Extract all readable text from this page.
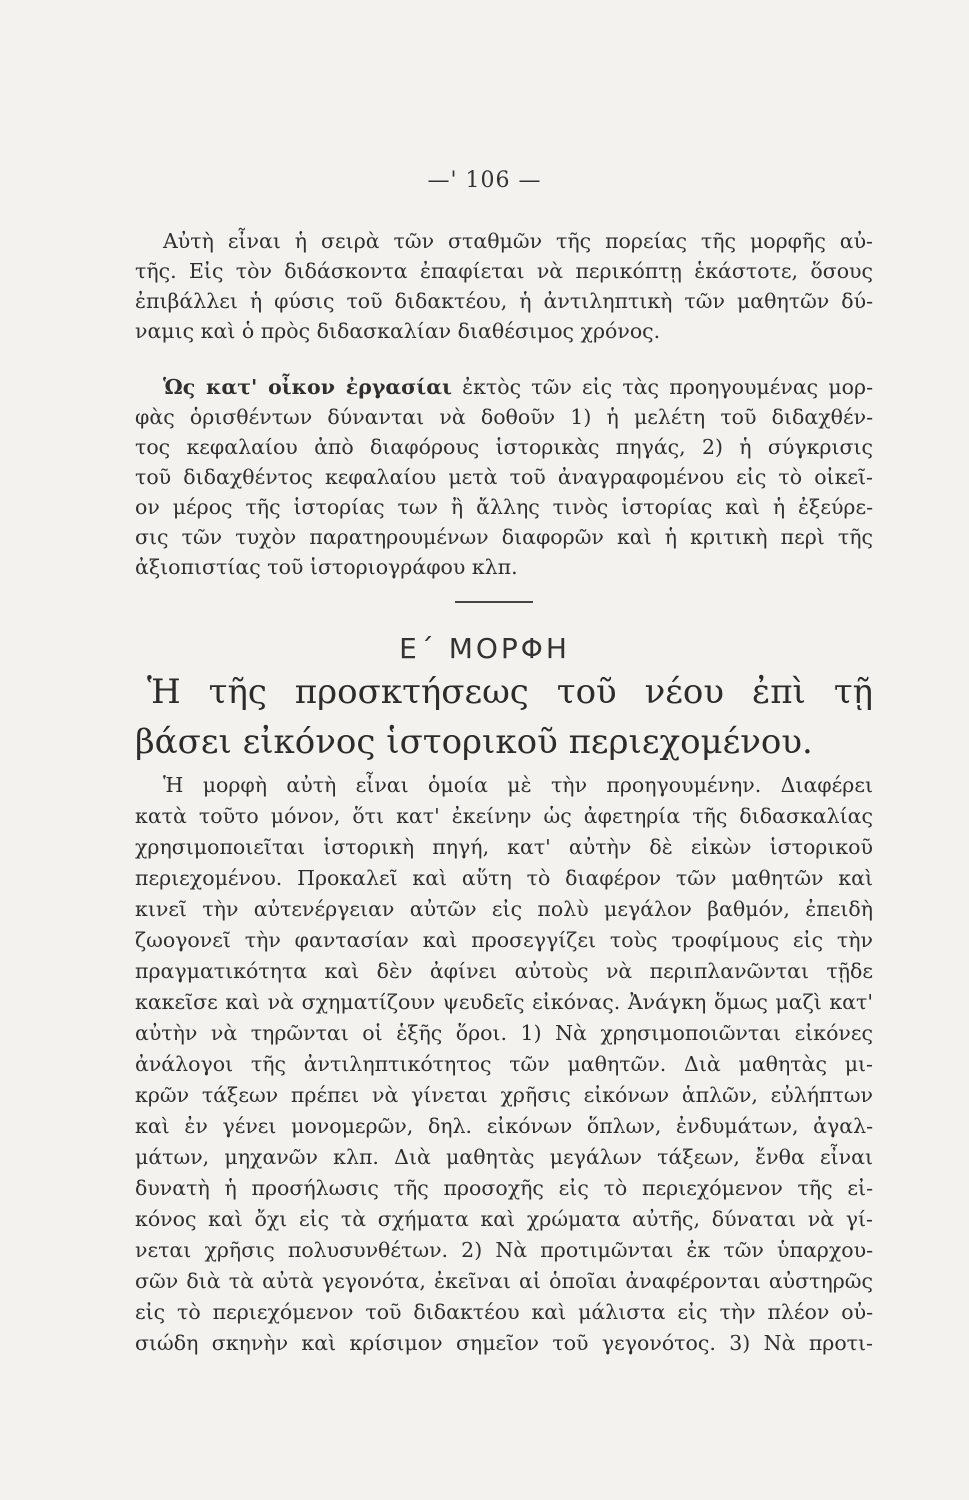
—' 106 —
Αὐτὴ εἶναι ἡ σειρὰ τῶν σταθμῶν τῆς πορείας τῆς μορφῆς αὐ-
τῆς. Εἰς τὸν διδάσκοντα ἐπαφίεται νὰ περικόπτῃ ἑκάστοτε, ὅσους
ἐπιβάλλει ἡ φύσις τοῦ διδακτέου, ἡ ἀντιληπτικὴ τῶν μαθητῶν δύ-
ναμις καὶ ὁ πρὸς διδασκαλίαν διαθέσιμος χρόνος.
Ὡς κατ' οἶκον ἐργασίαι ἐκτὸς τῶν εἰς τὰς προηγουμένας μορ-
φὰς ὁρισθέντων δύνανται νὰ δοθοῦν 1) ἡ μελέτη τοῦ διδαχθέν-
τος κεφαλαίου ἀπὸ διαφόρους ἱστορικὰς πηγάς, 2) ἡ σύγκρισις
τοῦ διδαχθέντος κεφαλαίου μετὰ τοῦ ἀναγραφομένου εἰς τὸ οἰκεῖ-
ον μέρος τῆς ἱστορίας των ἢ ἄλλης τινὸς ἱστορίας καὶ ἡ ἐξεύρε-
σις τῶν τυχὸν παρατηρουμένων διαφορῶν καὶ ἡ κριτικὴ περὶ τῆς
ἀξιοπιστίας τοῦ ἱστοριογράφου κλπ.
Ε΄ ΜΟΡΦΗ
Ἡ τῆς προσκτήσεως τοῦ νέου ἐπὶ τῇ
βάσει εἰκόνος ἱστορικοῦ περιεχομένου.
Ἡ μορφὴ αὐτὴ εἶναι ὁμοία μὲ τὴν προηγουμένην. Διαφέρει
κατὰ τοῦτο μόνον, ὅτι κατ' ἐκείνην ὡς ἀφετηρία τῆς διδασκαλίας
χρησιμοποιεῖται ἱστορικὴ πηγή, κατ' αὐτὴν δὲ εἰκὼν ἱστορικοῦ
περιεχομένου. Προκαλεῖ καὶ αὕτη τὸ διαφέρον τῶν μαθητῶν καὶ
κινεῖ τὴν αὐτενέργειαν αὐτῶν εἰς πολὺ μεγάλον βαθμόν, ἐπειδὴ
ζωογονεῖ τὴν φαντασίαν καὶ προσεγγίζει τοὺς τροφίμους εἰς τὴν
πραγματικότητα καὶ δὲν ἀφίνει αὐτοὺς νὰ περιπλανῶνται τῇδε
κακεῖσε καὶ νὰ σχηματίζουν ψευδεῖς εἰκόνας. Ἀνάγκη ὅμως μαζὶ κατ'
αὐτὴν νὰ τηρῶνται οἱ ἑξῆς ὅροι. 1) Νὰ χρησιμοποιῶνται εἰκόνες
ἀνάλογοι τῆς ἀντιληπτικότητος τῶν μαθητῶν. Διὰ μαθητὰς μι-
κρῶν τάξεων πρέπει νὰ γίνεται χρῆσις εἰκόνων ἁπλῶν, εὐλήπτων
καὶ ἐν γένει μονομερῶν, δηλ. εἰκόνων ὅπλων, ἐνδυμάτων, ἀγαλ-
μάτων, μηχανῶν κλπ. Διὰ μαθητὰς μεγάλων τάξεων, ἔνθα εἶναι
δυνατὴ ἡ προσήλωσις τῆς προσοχῆς εἰς τὸ περιεχόμενον τῆς εἰ-
κόνος καὶ ὄχι εἰς τὰ σχήματα καὶ χρώματα αὐτῆς, δύναται νὰ γί-
νεται χρῆσις πολυσυνθέτων. 2) Νὰ προτιμῶνται ἐκ τῶν ὑπαρχου-
σῶν διὰ τὰ αὐτὰ γεγονότα, ἐκεῖναι αἱ ὁποῖαι ἀναφέρονται αὐστηρῶς
εἰς τὸ περιεχόμενον τοῦ διδακτέου καὶ μάλιστα εἰς τὴν πλέον οὐ-
σιώδη σκηνὴν καὶ κρίσιμον σημεῖον τοῦ γεγονότος. 3) Νὰ προτι-
